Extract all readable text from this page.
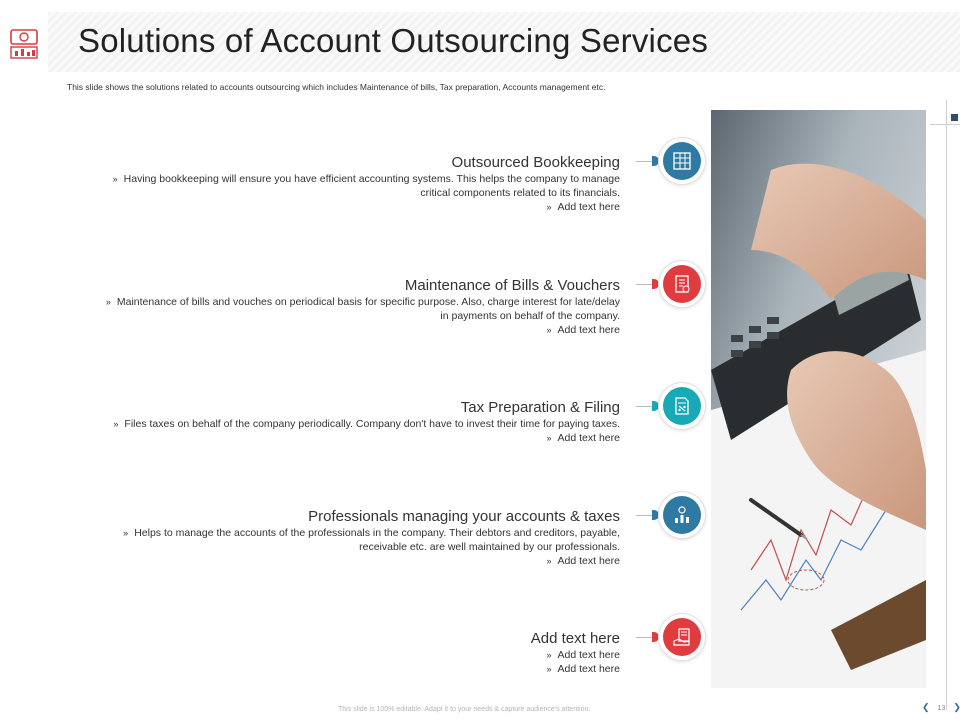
Solutions of Account Outsourcing Services
This slide shows the solutions related to accounts outsourcing which includes Maintenance of bills, Tax preparation, Accounts management etc.
Outsourced Bookkeeping
» Having bookkeeping will ensure you have efficient accounting systems. This helps the company to manage
critical components related to its financials.
» Add text here
Maintenance of Bills & Vouchers
» Maintenance of bills and vouches on periodical basis for specific purpose. Also, charge interest for late/delay
in payments on behalf of the company.
» Add text here
Tax Preparation & Filing
» Files taxes on behalf of the company periodically. Company don't have to invest their time for paying taxes.
» Add text here
Professionals managing your accounts & taxes
» Helps to manage the accounts of the professionals in the company. Their debtors and creditors, payable,
receivable etc. are well maintained by our professionals.
» Add text here
Add text here
» Add text here
» Add text here
This slide is 100% editable. Adapt it to your needs & capture audience's attention.	❮ 13 ❯
